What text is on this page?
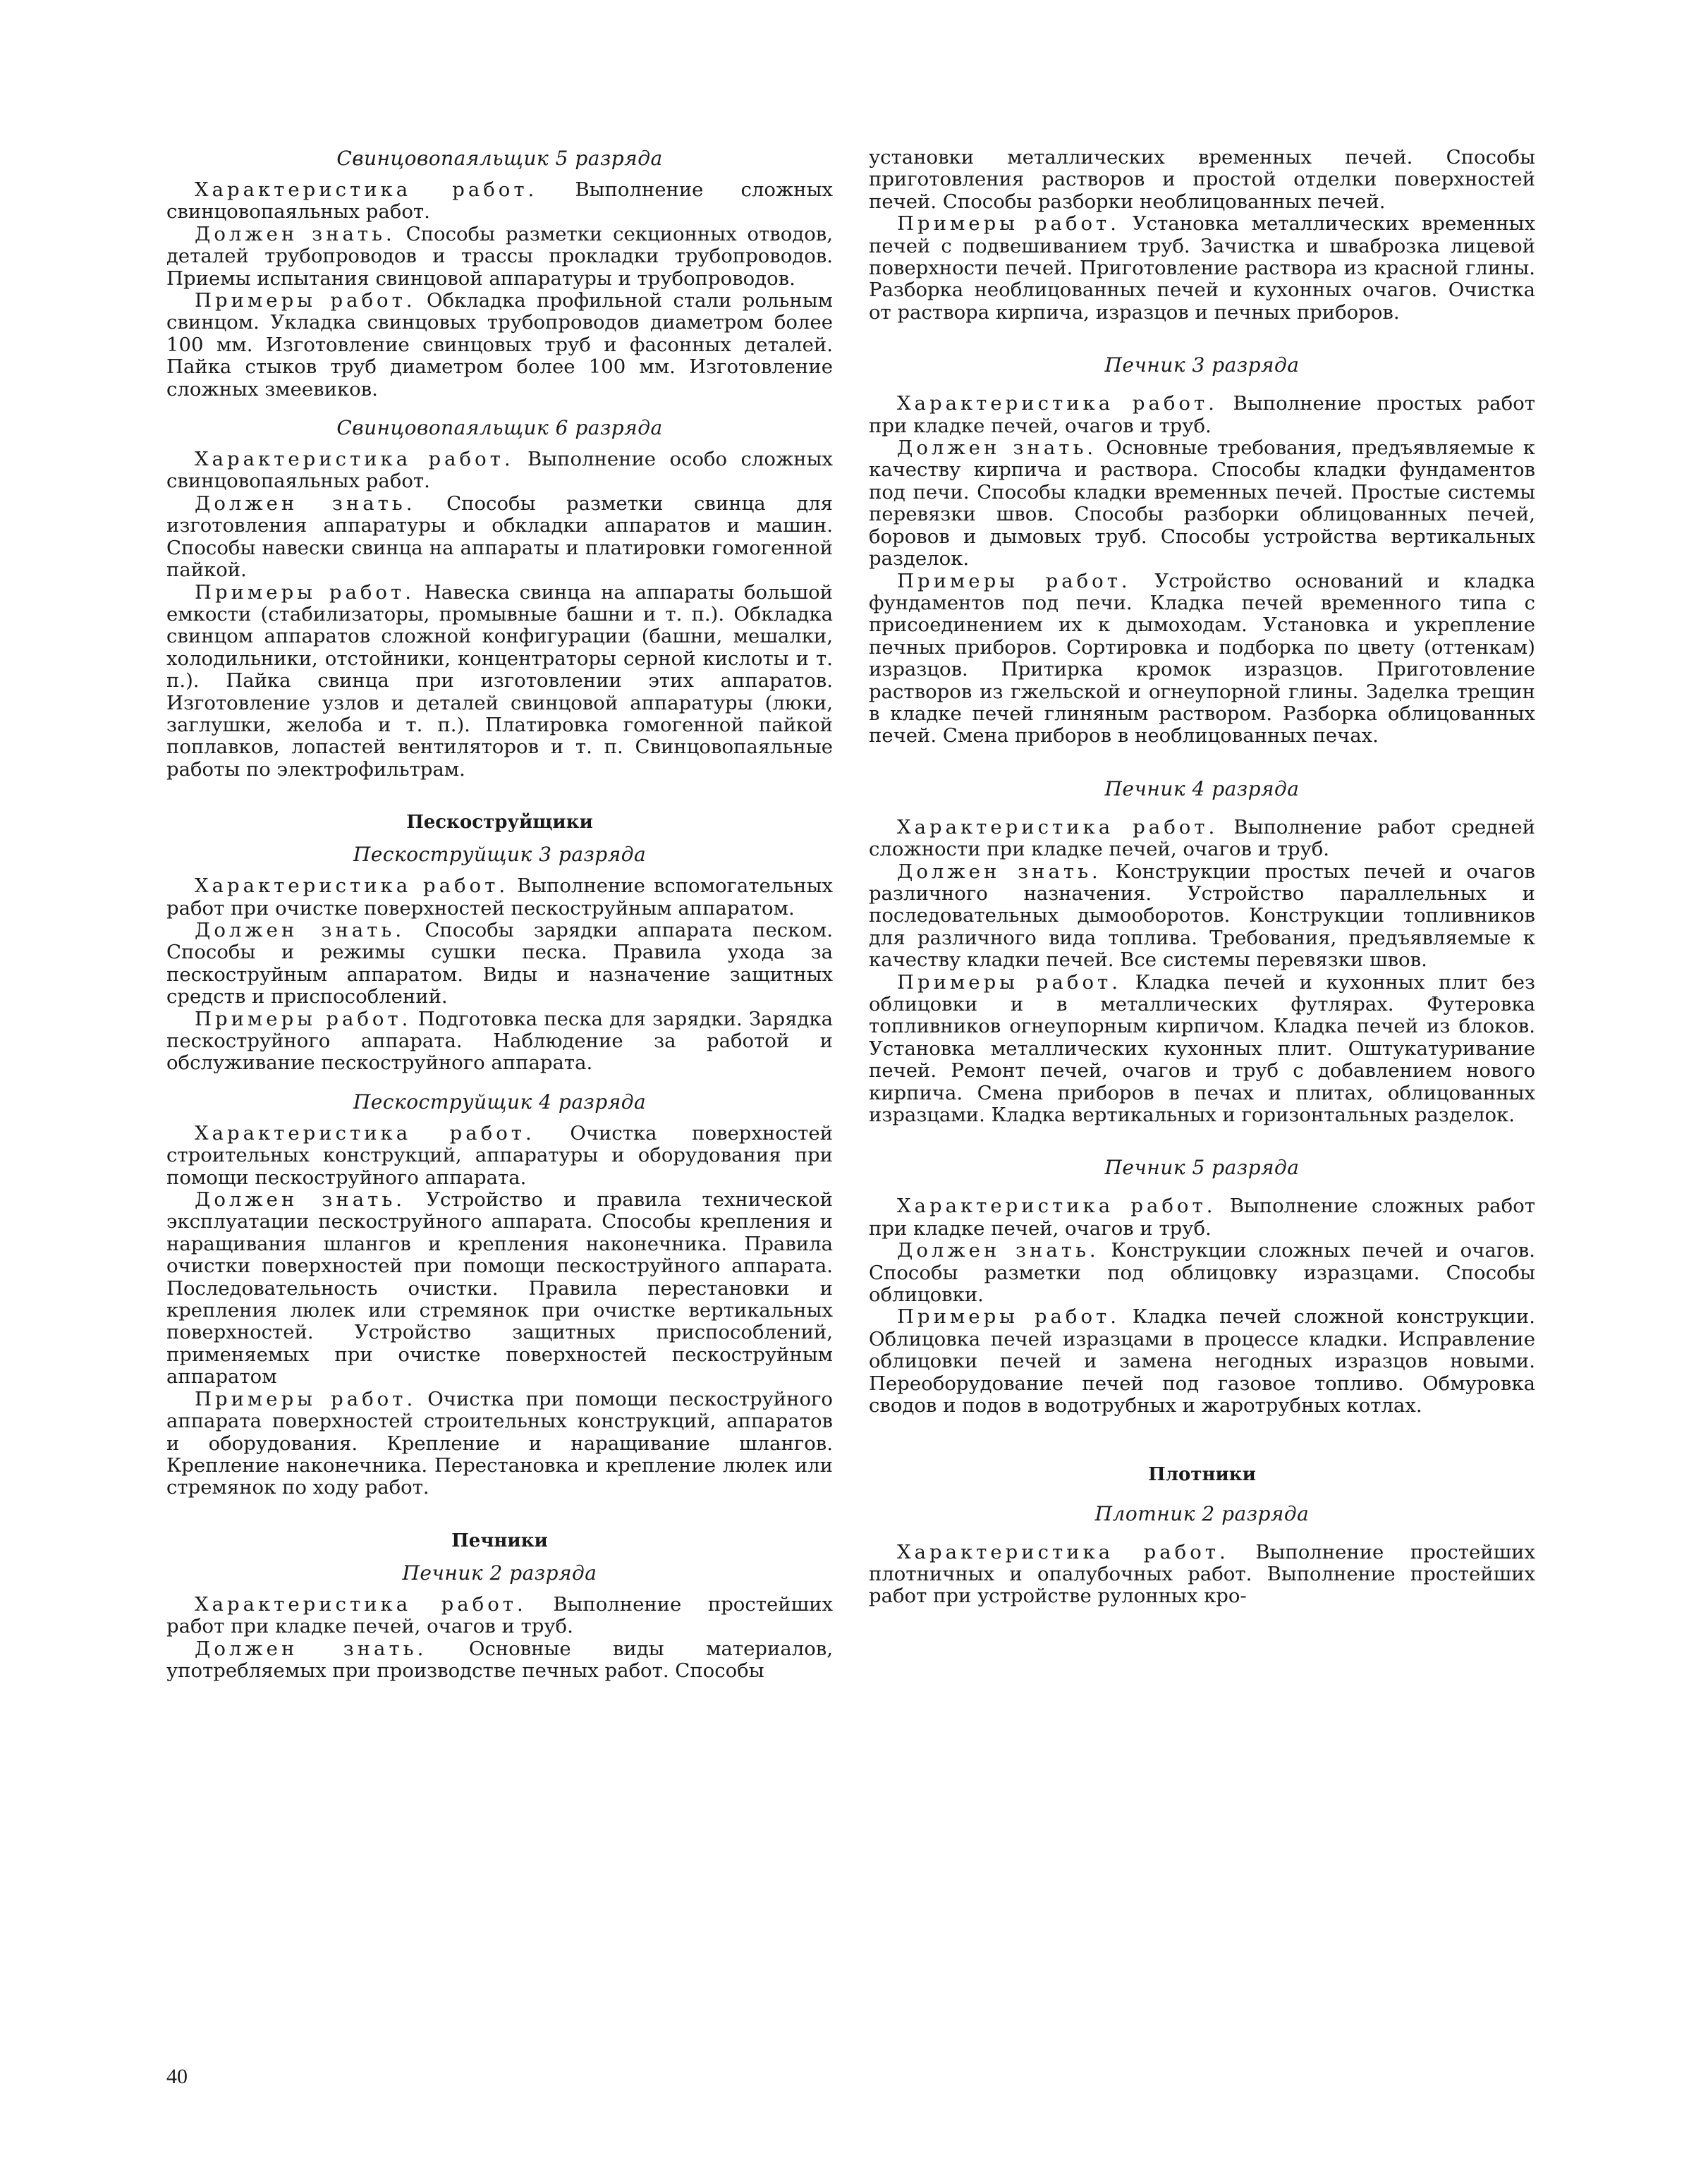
Свинцовопаяльщик 5 разряда

Характеристика работ. Выполнение сложных свинцовопаяльных работ.

Должен знать. Способы разметки секционных отводов, деталей трубопроводов и трассы прокладки трубопроводов. Приемы испытания свинцовой аппаратуры и трубопроводов.

Примеры работ. Обкладка профильной стали рольным свинцом. Укладка свинцовых трубопроводов диаметром более 100 мм. Изготовление свинцовых труб и фасонных деталей. Пайка стыков труб диаметром более 100 мм. Изготовление сложных змеевиков.

Свинцовопаяльщик 6 разряда

Характеристика работ. Выполнение особо сложных свинцовопаяльных работ.

Должен знать. Способы разметки свинца для изготовления аппаратуры и обкладки аппаратов и машин. Способы навески свинца на аппараты и платировки гомогенной пайкой.

Примеры работ. Навеска свинца на аппараты большой емкости (стабилизаторы, промывные башни и т. п.). Обкладка свинцом аппаратов сложной конфигурации (башни, мешалки, холодильники, отстойники, концентраторы серной кислоты и т. п.). Пайка свинца при изготовлении этих аппаратов. Изготовление узлов и деталей свинцовой аппаратуры (люки, заглушки, желоба и т. п.). Платировка гомогенной пайкой поплавков, лопастей вентиляторов и т. п. Свинцовопаяльные работы по электрофильтрам.

Пескоструйщики
Пескоструйщик 3 разряда

Характеристика работ. Выполнение вспомогательных работ при очистке поверхностей пескоструйным аппаратом.

Должен знать. Способы зарядки аппарата песком. Способы и режимы сушки песка. Правила ухода за пескоструйным аппаратом. Виды и назначение защитных средств и приспособлений.

Примеры работ. Подготовка песка для зарядки. Зарядка пескоструйного аппарата. Наблюдение за работой и обслуживание пескоструйного аппарата.

Пескоструйщик 4 разряда

Характеристика работ. Очистка поверхностей строительных конструкций, аппаратуры и оборудования при помощи пескоструйного аппарата.

Должен знать. Устройство и правила технической эксплуатации пескоструйного аппарата. Способы крепления и наращивания шлангов и крепления наконечника. Правила очистки поверхностей при помощи пескоструйного аппарата. Последовательность очистки. Правила перестановки и крепления люлек или стремянок при очистке вертикальных поверхностей. Устройство защитных приспособлений, применяемых при очистке поверхностей пескоструйным аппаратом

Примеры работ. Очистка при помощи пескоструйного аппарата поверхностей строительных конструкций, аппаратов и оборудования. Крепление и наращивание шлангов. Крепление наконечника. Перестановка и крепление люлек или стремянок по ходу работ.

Печники
Печник 2 разряда

Характеристика работ. Выполнение простейших работ при кладке печей, очагов и труб.

Должен знать. Основные виды материалов, употребляемых при производстве печных работ. Способы

установки металлических временных печей. Способы приготовления растворов и простой отделки поверхностей печей. Способы разборки необлицованных печей.

Примеры работ. Установка металлических временных печей с подвешиванием труб. Зачистка и шваброзка лицевой поверхности печей. Приготовление раствора из красной глины. Разборка необлицованных печей и кухонных очагов. Очистка от раствора кирпича, изразцов и печных приборов.

Печник 3 разряда

Характеристика работ. Выполнение простых работ при кладке печей, очагов и труб.

Должен знать. Основные требования, предъявляемые к качеству кирпича и раствора. Способы кладки фундаментов под печи. Способы кладки временных печей. Простые системы перевязки швов. Способы разборки облицованных печей, боровов и дымовых труб. Способы устройства вертикальных разделок.

Примеры работ. Устройство оснований и кладка фундаментов под печи. Кладка печей временного типа с присоединением их к дымоходам. Установка и укрепление печных приборов. Сортировка и подборка по цвету (оттенкам) изразцов. Притирка кромок изразцов. Приготовление растворов из гжельской и огнеупорной глины. Заделка трещин в кладке печей глиняным раствором. Разборка облицованных печей. Смена приборов в необлицованных печах.

Печник 4 разряда

Характеристика работ. Выполнение работ средней сложности при кладке печей, очагов и труб.

Должен знать. Конструкции простых печей и очагов различного назначения. Устройство параллельных и последовательных дымооборотов. Конструкции топливников для различного вида топлива. Требования, предъявляемые к качеству кладки печей. Все системы перевязки швов.

Примеры работ. Кладка печей и кухонных плит без облицовки и в металлических футлярах. Футеровка топливников огнеупорным кирпичом. Кладка печей из блоков. Установка металлических кухонных плит. Оштукатуривание печей. Ремонт печей, очагов и труб с добавлением нового кирпича. Смена приборов в печах и плитах, облицованных изразцами. Кладка вертикальных и горизонтальных разделок.

Печник 5 разряда

Характеристика работ. Выполнение сложных работ при кладке печей, очагов и труб.

Должен знать. Конструкции сложных печей и очагов. Способы разметки под облицовку изразцами. Способы облицовки.

Примеры работ. Кладка печей сложной конструкции. Облицовка печей изразцами в процессе кладки. Исправление облицовки печей и замена негодных изразцов новыми. Переоборудование печей под газовое топливо. Обмуровка сводов и подов в водотрубных и жаротрубных котлах.

Плотники
Плотник 2 разряда

Характеристика работ. Выполнение простейших плотничных и опалубочных работ. Выполнение простейших работ при устройстве рулонных кро-

40
